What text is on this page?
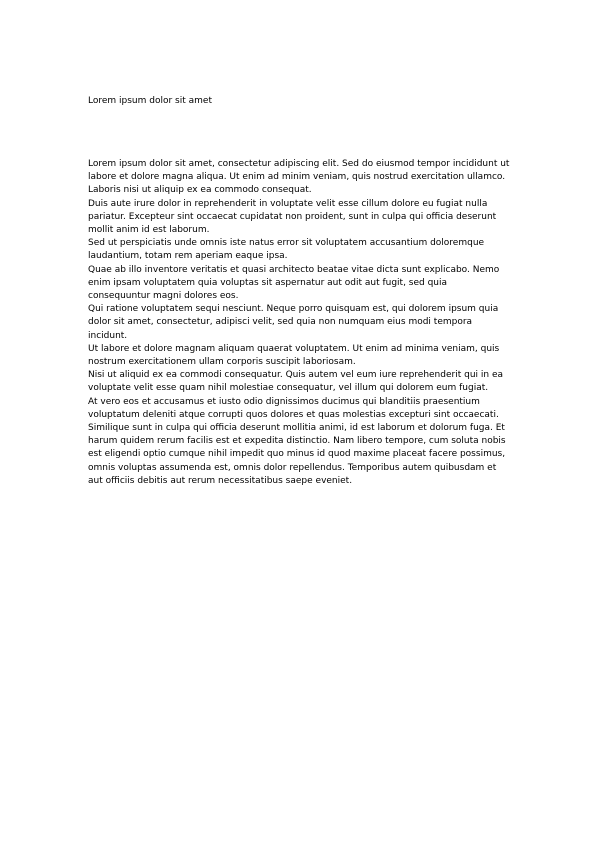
Lorem ipsum dolor sit amet

Lorem ipsum dolor sit amet, consectetur adipiscing elit. Sed do eiusmod tempor incididunt ut labore et dolore magna aliqua. Ut enim ad minim veniam, quis nostrud exercitation ullamco.

Laboris nisi ut aliquip ex ea commodo consequat.

Duis aute irure dolor in reprehenderit in voluptate velit esse cillum dolore eu fugiat nulla pariatur. Excepteur sint occaecat cupidatat non proident, sunt in culpa qui officia deserunt mollit anim id est laborum.

Sed ut perspiciatis unde omnis iste natus error sit voluptatem accusantium doloremque laudantium, totam rem aperiam eaque ipsa.

Quae ab illo inventore veritatis et quasi architecto beatae vitae dicta sunt explicabo. Nemo enim ipsam voluptatem quia voluptas sit aspernatur aut odit aut fugit, sed quia consequuntur magni dolores eos.

Qui ratione voluptatem sequi nesciunt. Neque porro quisquam est, qui dolorem ipsum quia dolor sit amet, consectetur, adipisci velit, sed quia non numquam eius modi tempora incidunt.

Ut labore et dolore magnam aliquam quaerat voluptatem. Ut enim ad minima veniam, quis nostrum exercitationem ullam corporis suscipit laboriosam.

Nisi ut aliquid ex ea commodi consequatur. Quis autem vel eum iure reprehenderit qui in ea voluptate velit esse quam nihil molestiae consequatur, vel illum qui dolorem eum fugiat.

At vero eos et accusamus et iusto odio dignissimos ducimus qui blanditiis praesentium voluptatum deleniti atque corrupti quos dolores et quas molestias excepturi sint occaecati.

Similique sunt in culpa qui officia deserunt mollitia animi, id est laborum et dolorum fuga. Et harum quidem rerum facilis est et expedita distinctio. Nam libero tempore, cum soluta nobis est eligendi optio cumque nihil impedit quo minus id quod maxime placeat facere possimus, omnis voluptas assumenda est, omnis dolor repellendus. Temporibus autem quibusdam et aut officiis debitis aut rerum necessitatibus saepe eveniet.
